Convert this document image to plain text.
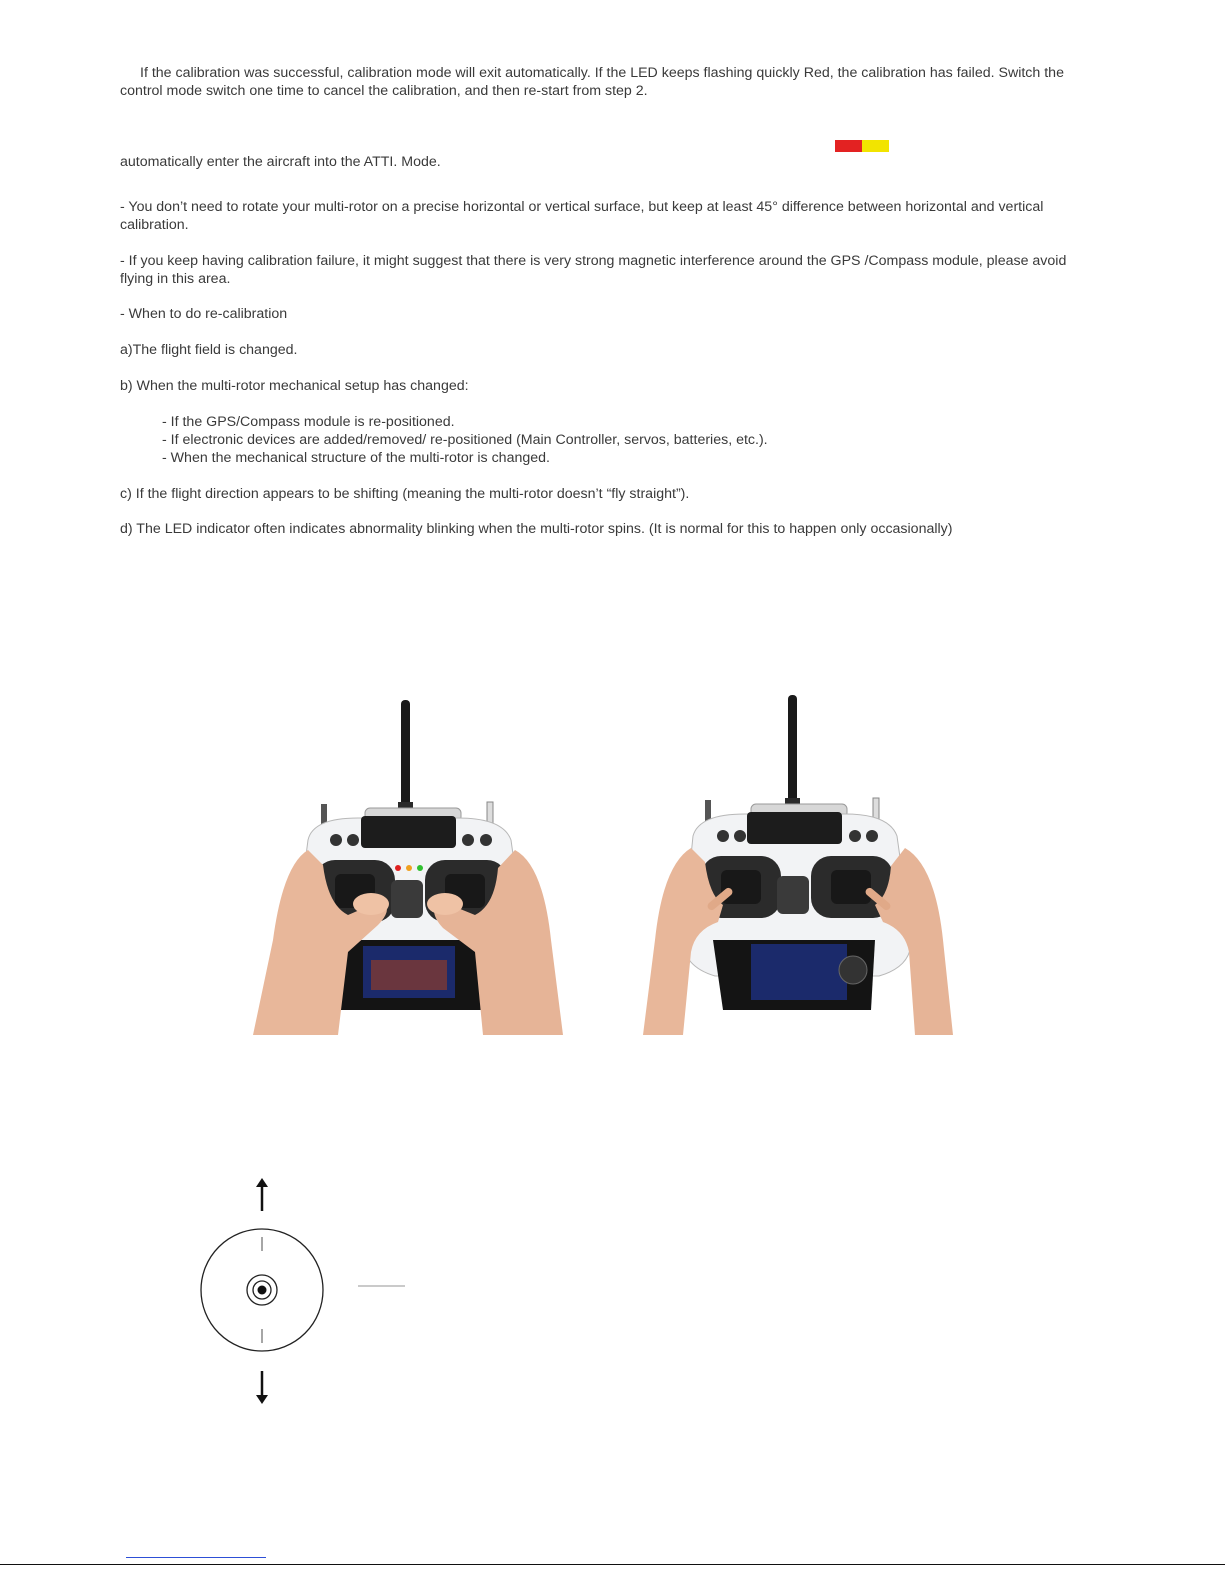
If the calibration was successful, calibration mode will exit automatically. If the LED keeps flashing quickly Red, the calibration has failed. Switch the control mode switch one time to cancel the calibration, and then re-start from step 2.

automatically enter the aircraft into the ATTI. Mode.

- You don’t need to rotate your multi-rotor on a precise horizontal or vertical surface, but keep at least 45° difference between horizontal and vertical calibration.

- If you keep having calibration failure, it might suggest that there is very strong magnetic interference around the GPS /Compass module, please avoid flying in this area.

- When to do re-calibration

a)The flight field is changed.

b) When the multi-rotor mechanical setup has changed:

- If the GPS/Compass module is re-positioned.

- If electronic devices are added/removed/ re-positioned (Main Controller, servos, batteries, etc.).

- When the mechanical structure of the multi-rotor is changed.

c) If the flight direction appears to be shifting (meaning the multi-rotor doesn’t “fly straight”).

d) The LED indicator often indicates abnormality blinking when the multi-rotor spins. (It is normal for this to happen only occasionally)
